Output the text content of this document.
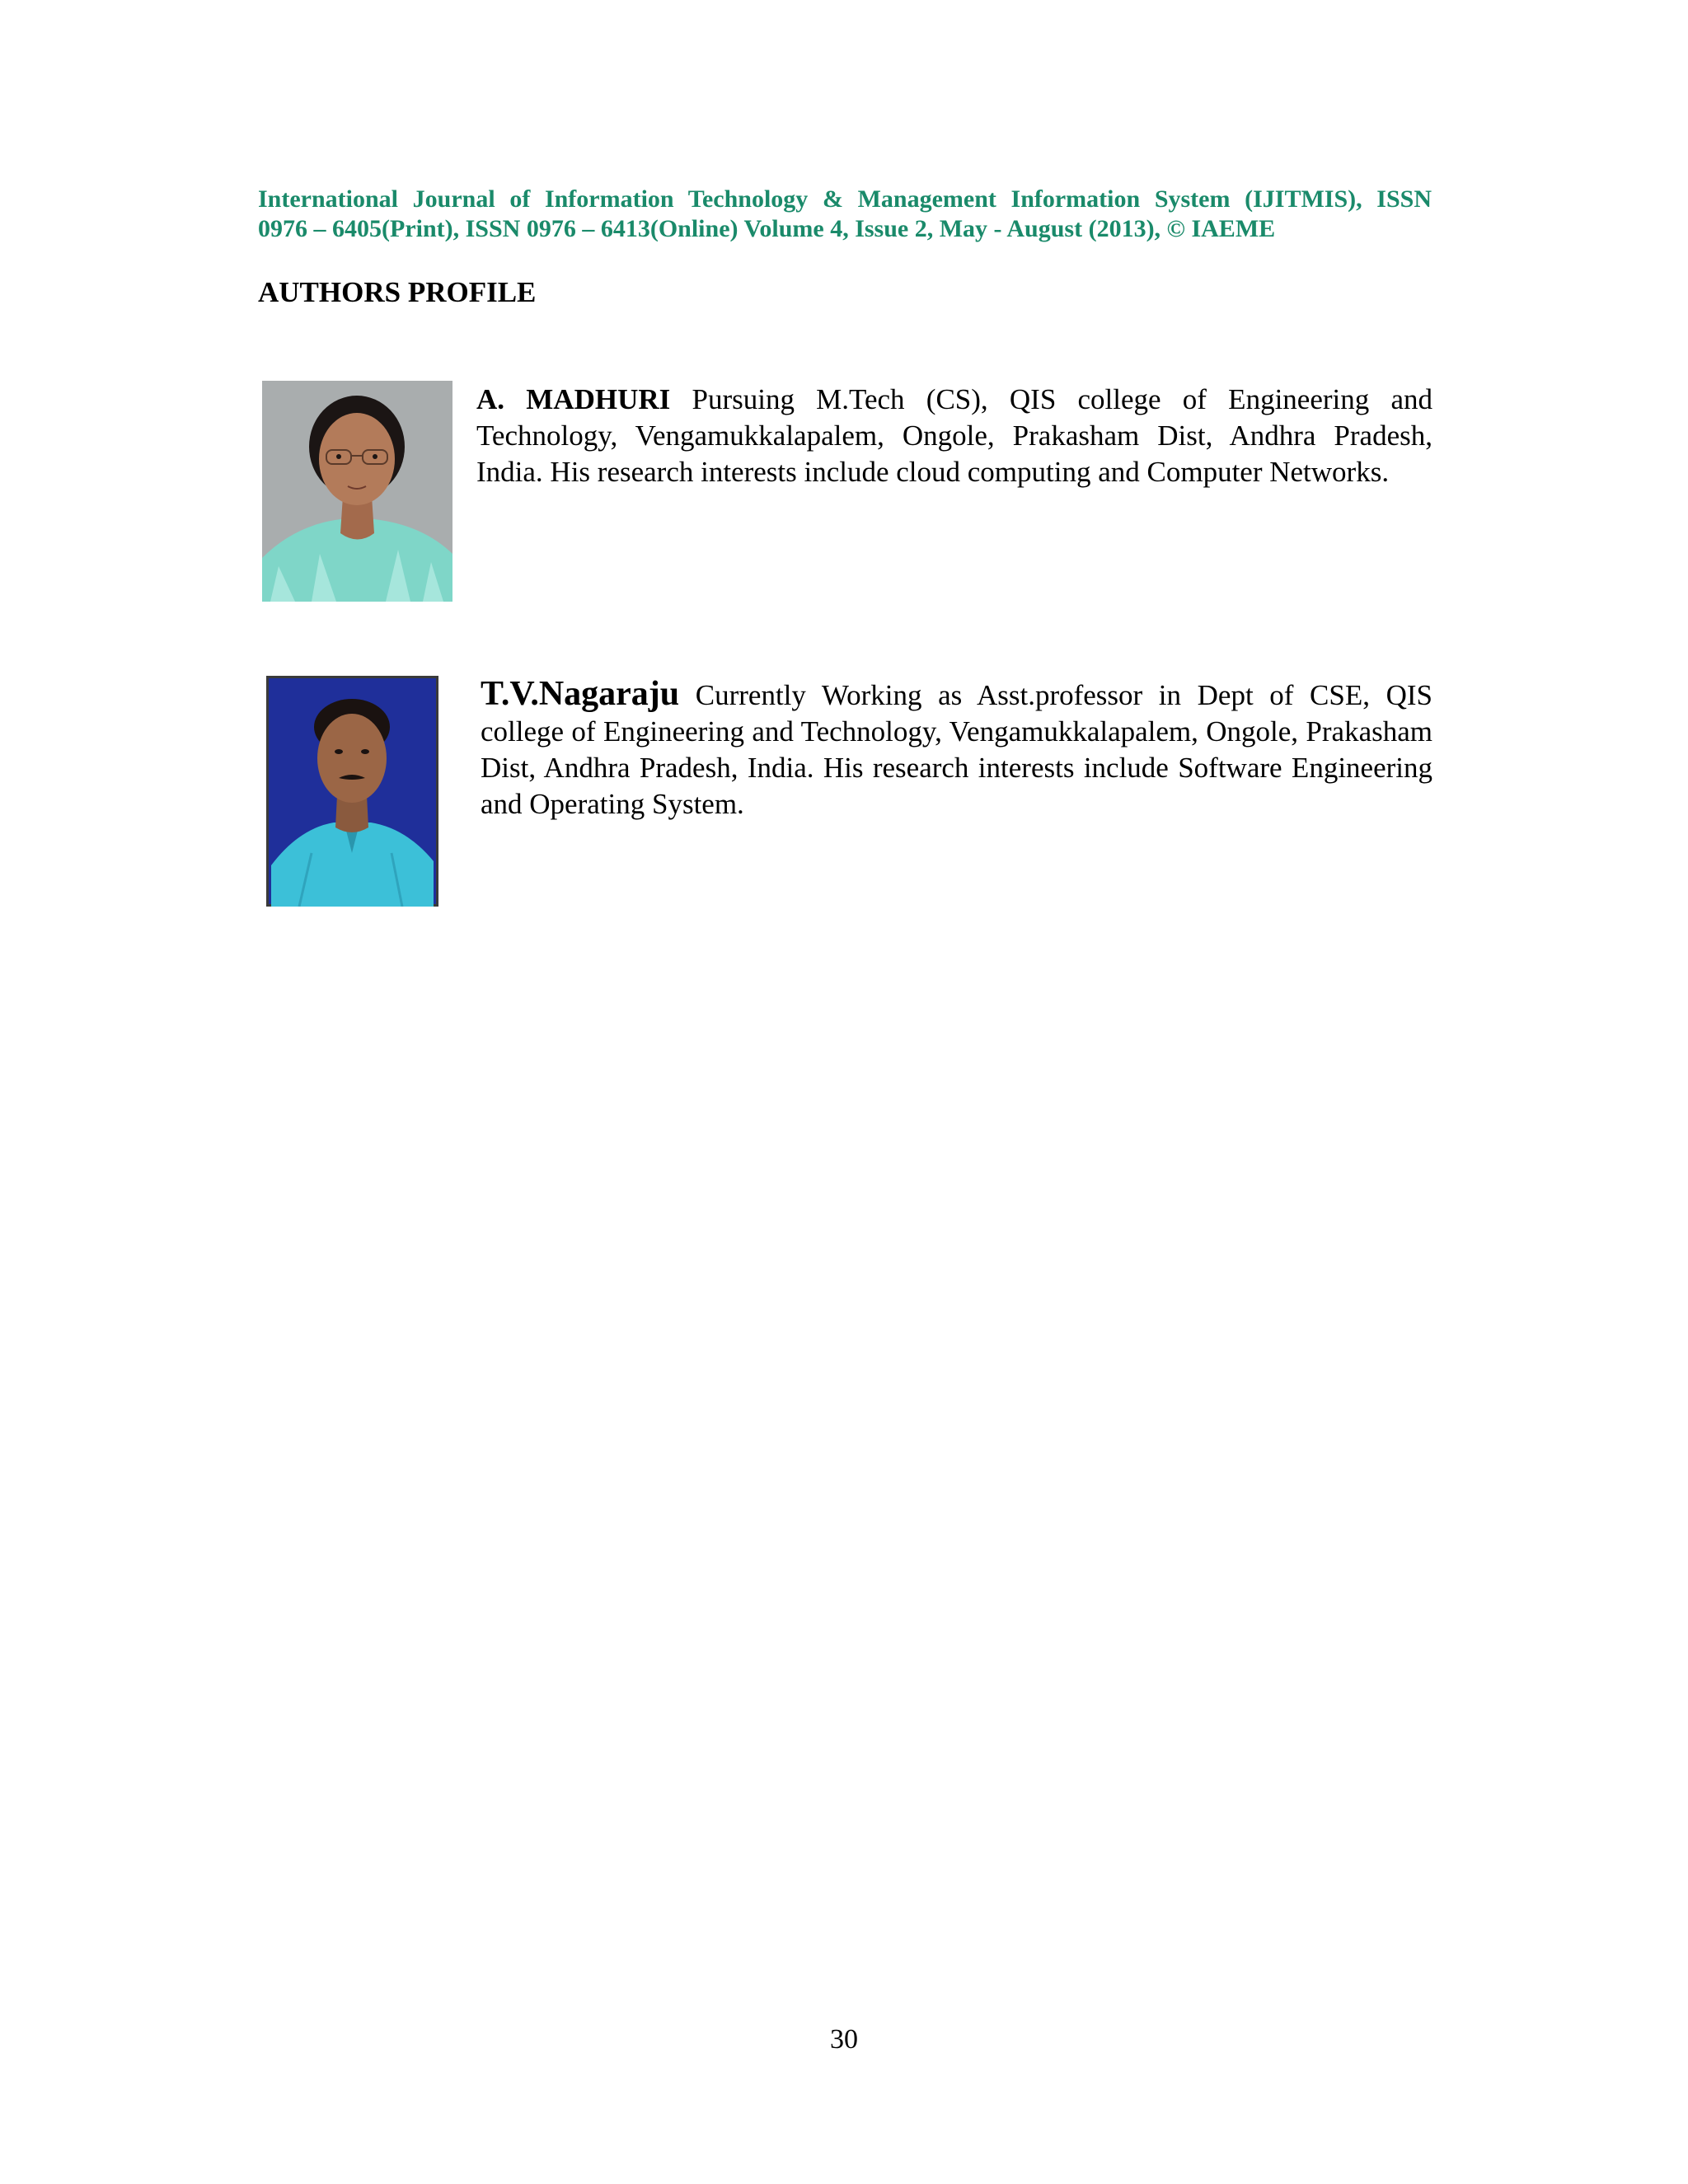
International Journal of Information Technology & Management Information System (IJITMIS), ISSN
0976 – 6405(Print), ISSN 0976 – 6413(Online) Volume 4, Issue 2, May - August (2013), © IAEME
AUTHORS PROFILE
A. MADHURI Pursuing M.Tech (CS), QIS college of Engineering and Technology, Vengamukkalapalem, Ongole, Prakasham Dist, Andhra Pradesh, India. His research interests include cloud computing and Computer Networks.
T.V.Nagaraju Currently Working as Asst.professor in Dept of CSE, QIS college of Engineering and Technology, Vengamukkalapalem, Ongole, Prakasham Dist, Andhra Pradesh, India. His research interests include Software Engineering and Operating System.
30
